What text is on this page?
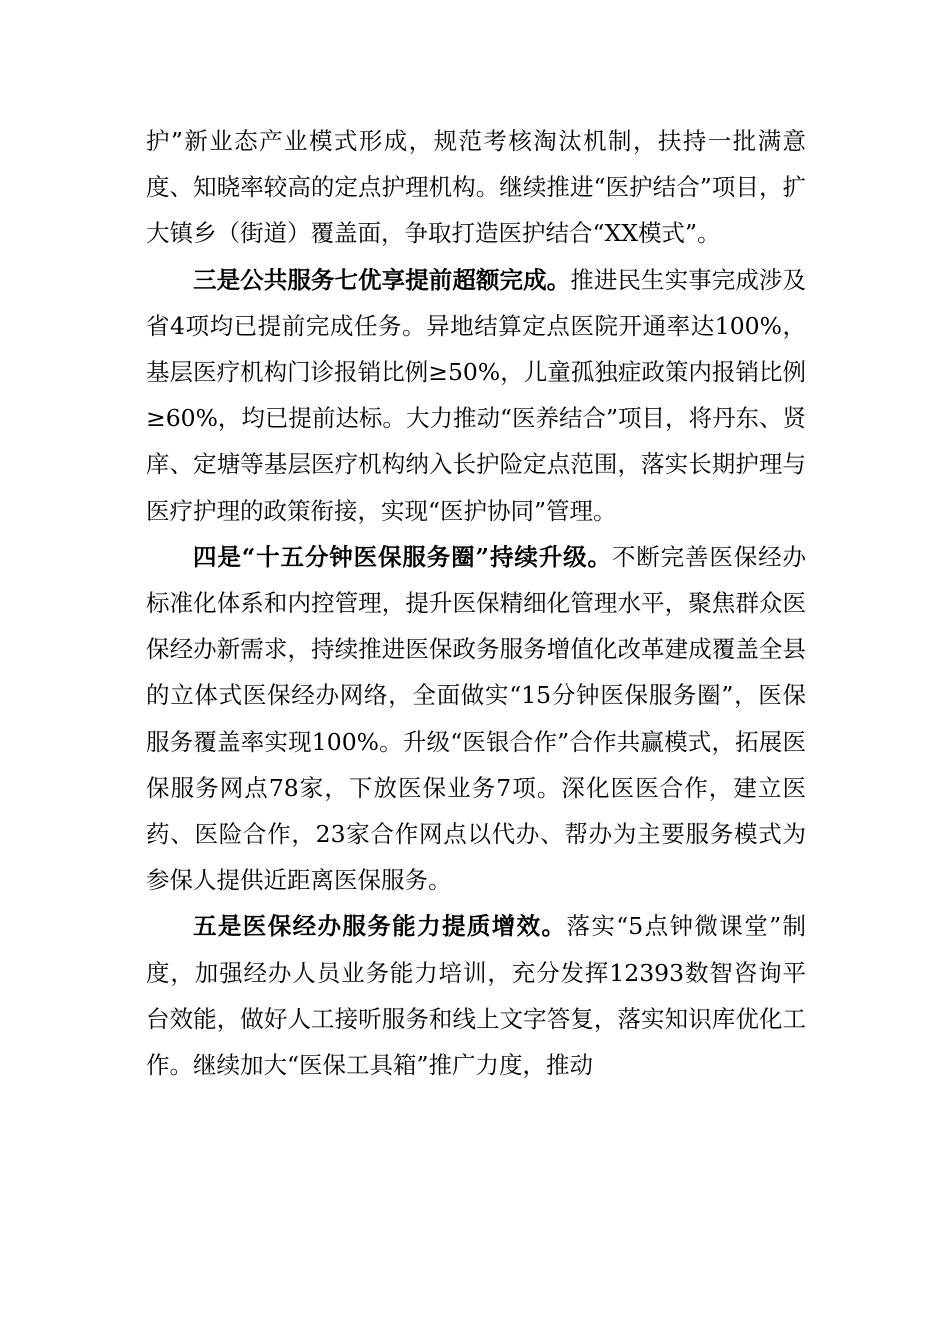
护”新业态产业模式形成，规范考核淘汰机制，扶持一批满意度、知晓率较高的定点护理机构。继续推进“医护结合”项目，扩大镇乡（街道）覆盖面，争取打造医护结合“XX模式”。

三是公共服务七优享提前超额完成。推进民生实事完成涉及省4项均已提前完成任务。异地结算定点医院开通率达100%，基层医疗机构门诊报销比例≥50%，儿童孤独症政策内报销比例≥60%，均已提前达标。大力推动“医养结合”项目，将丹东、贤庠、定塘等基层医疗机构纳入长护险定点范围，落实长期护理与医疗护理的政策衔接，实现“医护协同”管理。

四是“十五分钟医保服务圈”持续升级。不断完善医保经办标准化体系和内控管理，提升医保精细化管理水平，聚焦群众医保经办新需求，持续推进医保政务服务增值化改革建成覆盖全县的立体式医保经办网络，全面做实“15分钟医保服务圈”，医保服务覆盖率实现100%。升级“医银合作”合作共赢模式，拓展医保服务网点78家，下放医保业务7项。深化医医合作，建立医药、医险合作，23家合作网点以代办、帮办为主要服务模式为参保人提供近距离医保服务。

五是医保经办服务能力提质增效。落实“5点钟微课堂”制度，加强经办人员业务能力培训，充分发挥12393数智咨询平台效能，做好人工接听服务和线上文字答复，落实知识库优化工作。继续加大“医保工具箱”推广力度，推动
